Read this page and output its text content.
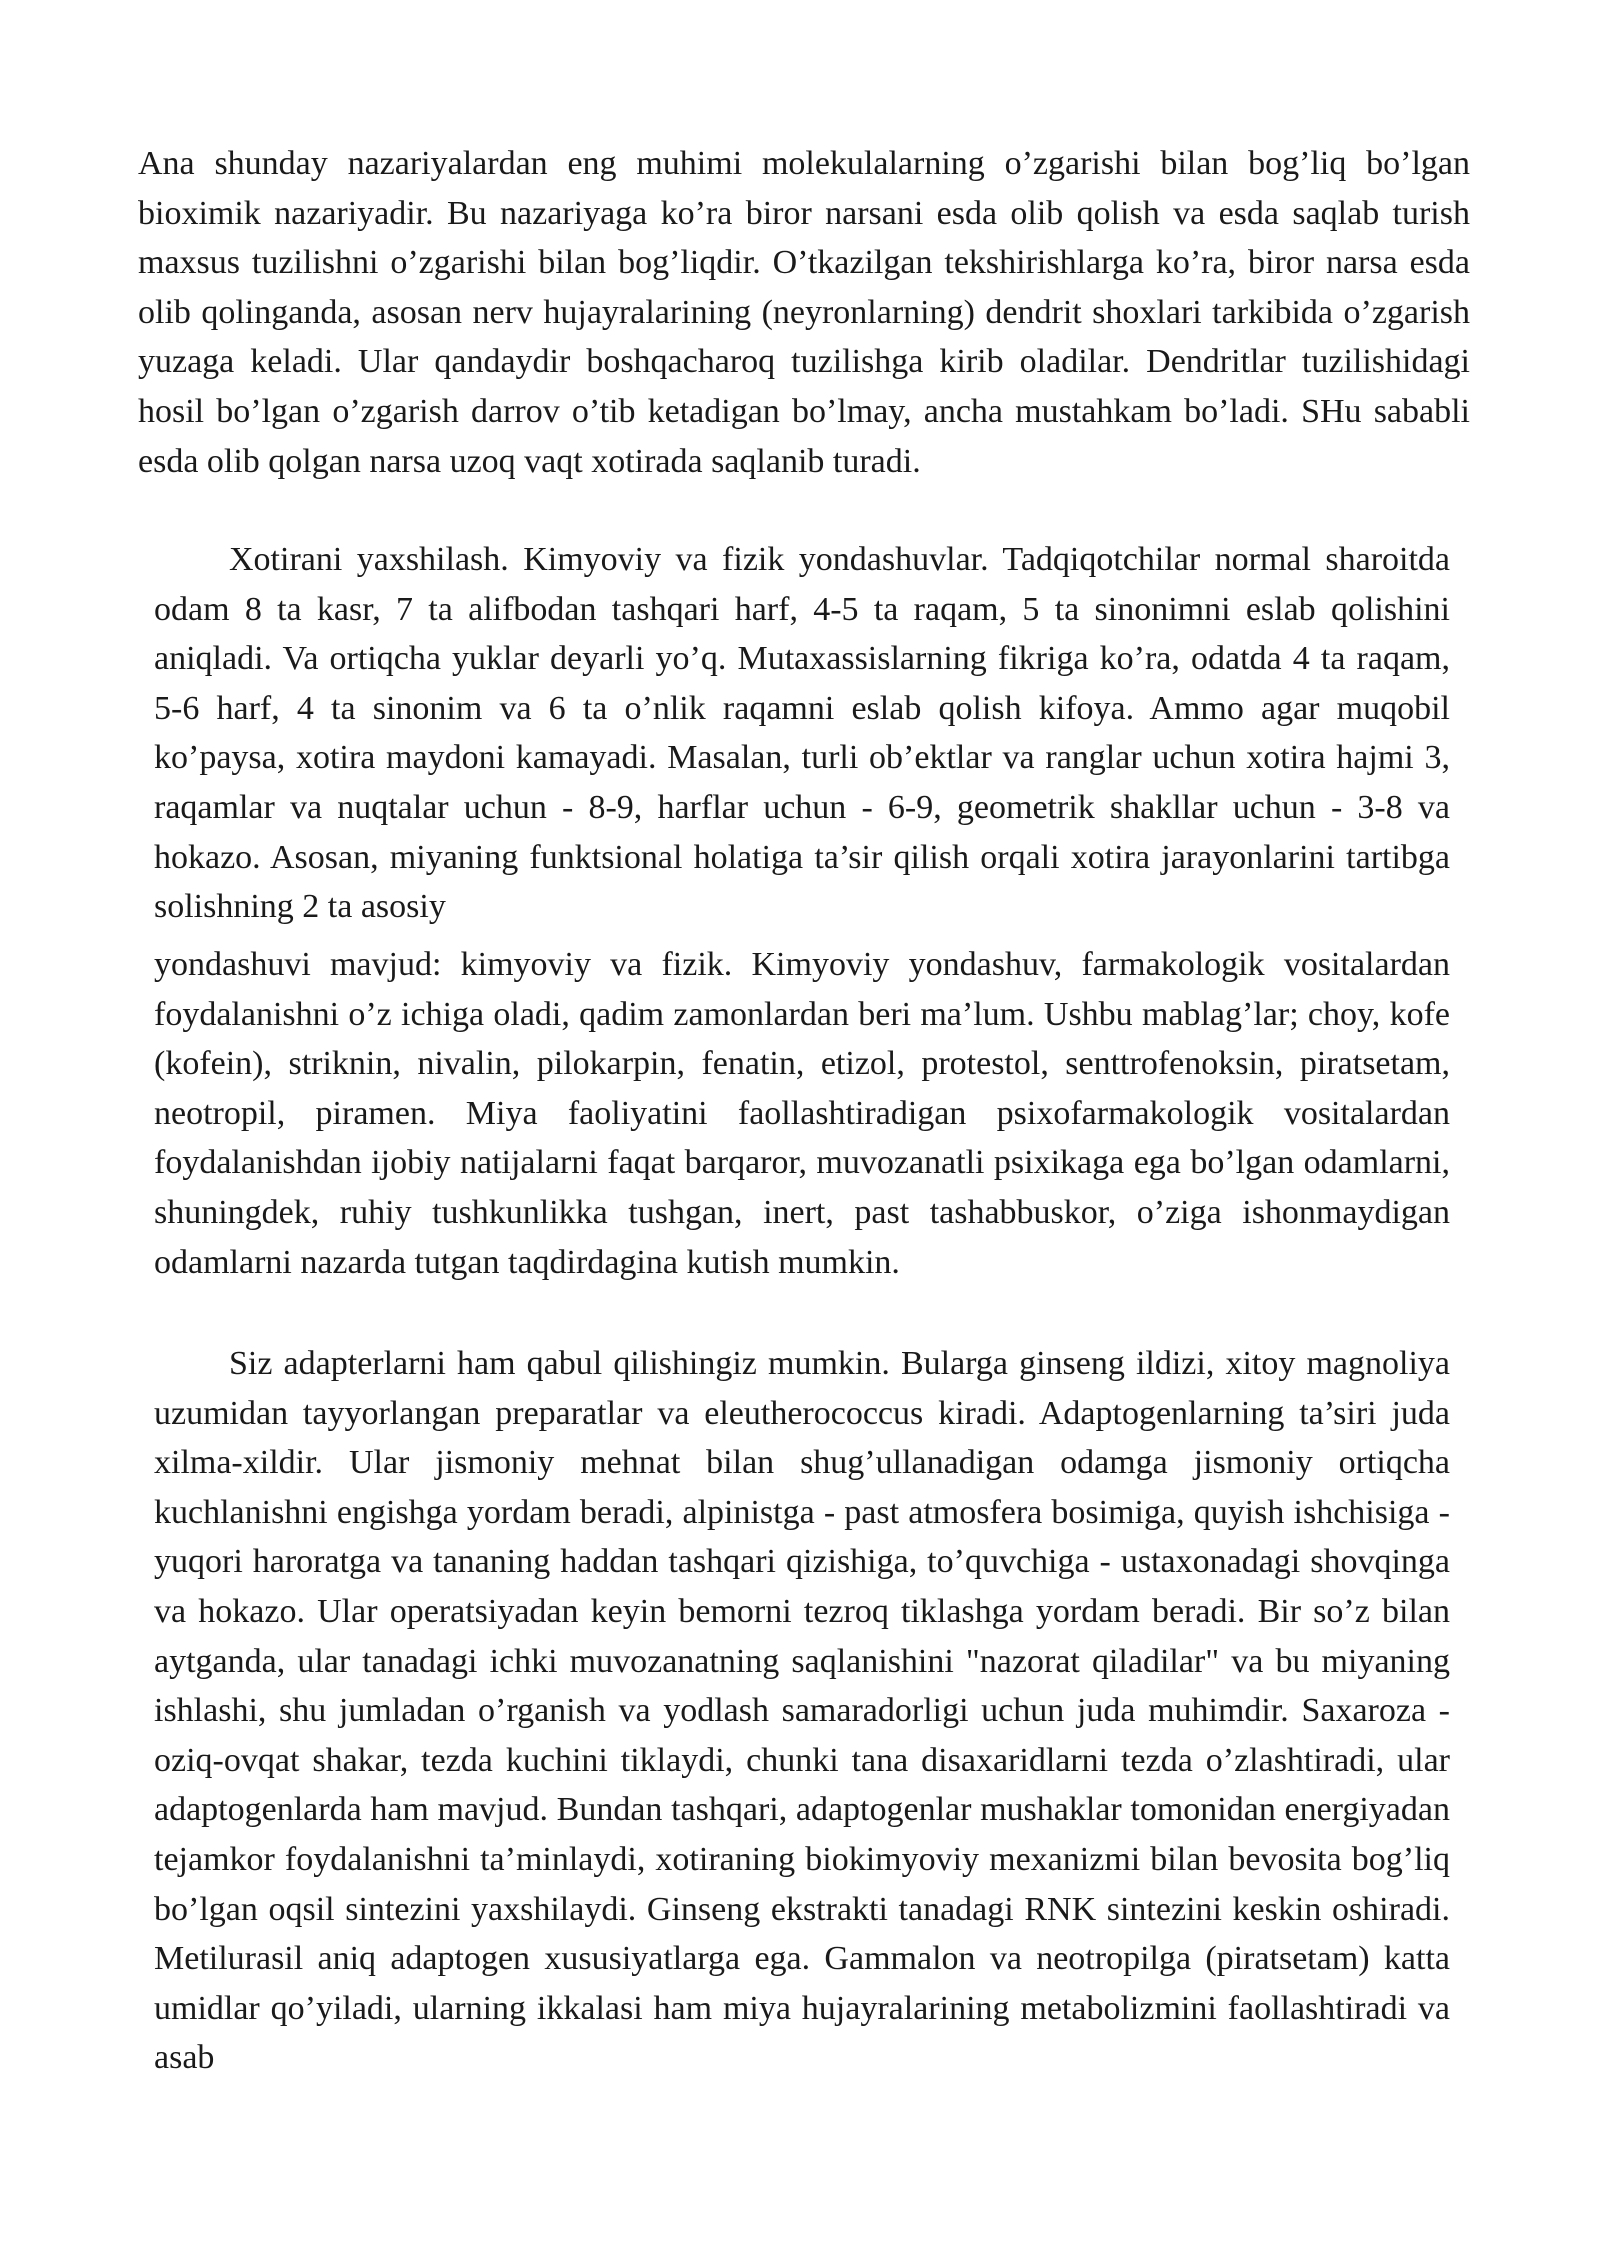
Ana shunday nazariyalardan eng muhimi molekulalarning o’zgarishi bilan bog’liq bo’lgan bioximik nazariyadir. Bu nazariyaga ko’ra biror narsani esda olib qolish va esda saqlab turish maxsus tuzilishni o’zgarishi bilan bog’liqdir. O’tkazilgan tekshirishlarga ko’ra, biror narsa esda olib qolinganda, asosan nerv hujayralarining (neyronlarning) dendrit shoxlari tarkibida o’zgarish yuzaga keladi. Ular qandaydir boshqacharoq tuzilishga kirib oladilar. Dendritlar tuzilishidagi hosil bo’lgan o’zgarish darrov o’tib ketadigan bo’lmay, ancha mustahkam bo’ladi. SHu sababli esda olib qolgan narsa uzoq vaqt xotirada saqlanib turadi.

Xotirani yaxshilash. Kimyoviy va fizik yondashuvlar. Tadqiqotchilar normal sharoitda odam 8 ta kasr, 7 ta alifbodan tashqari harf, 4-5 ta raqam, 5 ta sinonimni eslab qolishini aniqladi. Va ortiqcha yuklar deyarli yo’q. Mutaxassislarning fikriga ko’ra, odatda 4 ta raqam, 5-6 harf, 4 ta sinonim va 6 ta o’nlik raqamni eslab qolish kifoya. Ammo agar muqobil ko’paysa, xotira maydoni kamayadi. Masalan, turli ob’ektlar va ranglar uchun xotira hajmi 3, raqamlar va nuqtalar uchun - 8-9, harflar uchun - 6-9, geometrik shakllar uchun - 3-8 va hokazo. Asosan, miyaning funktsional holatiga ta’sir qilish orqali xotira jarayonlarini tartibga solishning 2 ta asosiy

yondashuvi mavjud: kimyoviy va fizik. Kimyoviy yondashuv, farmakologik vositalardan foydalanishni o’z ichiga oladi, qadim zamonlardan beri ma’lum. Ushbu mablag’lar; choy, kofe (kofein), striknin, nivalin, pilokarpin, fenatin, etizol, protestol, senttrofenoksin, piratsetam, neotropil, piramen. Miya faoliyatini faollashtiradigan psixofarmakologik vositalardan foydalanishdan ijobiy natijalarni faqat barqaror, muvozanatli psixikaga ega bo’lgan odamlarni, shuningdek, ruhiy tushkunlikka tushgan, inert, past tashabbuskor, o’ziga ishonmaydigan odamlarni nazarda tutgan taqdirdagina kutish mumkin.

Siz adapterlarni ham qabul qilishingiz mumkin. Bularga ginseng ildizi, xitoy magnoliya uzumidan tayyorlangan preparatlar va eleutherococcus kiradi. Adaptogenlarning ta’siri juda xilma-xildir. Ular jismoniy mehnat bilan shug’ullanadigan odamga jismoniy ortiqcha kuchlanishni engishga yordam beradi, alpinistga - past atmosfera bosimiga, quyish ishchisiga - yuqori haroratga va tananing haddan tashqari qizishiga, to’quvchiga - ustaxonadagi shovqinga va hokazo. Ular operatsiyadan keyin bemorni tezroq tiklashga yordam beradi. Bir so’z bilan aytganda, ular tanadagi ichki muvozanatning saqlanishini "nazorat qiladilar" va bu miyaning ishlashi, shu jumladan o’rganish va yodlash samaradorligi uchun juda muhimdir. Saxaroza - oziq-ovqat shakar, tezda kuchini tiklaydi, chunki tana disaxaridlarni tezda o’zlashtiradi, ular adaptogenlarda ham mavjud. Bundan tashqari, adaptogenlar mushaklar tomonidan energiyadan tejamkor foydalanishni ta’minlaydi, xotiraning biokimyoviy mexanizmi bilan bevosita bog’liq bo’lgan oqsil sintezini yaxshilaydi. Ginseng ekstrakti tanadagi RNK sintezini keskin oshiradi. Metilurasil aniq adaptogen xususiyatlarga ega. Gammalon va neotropilga (piratsetam) katta umidlar qo’yiladi, ularning ikkalasi ham miya hujayralarining metabolizmini faollashtiradi va asab
